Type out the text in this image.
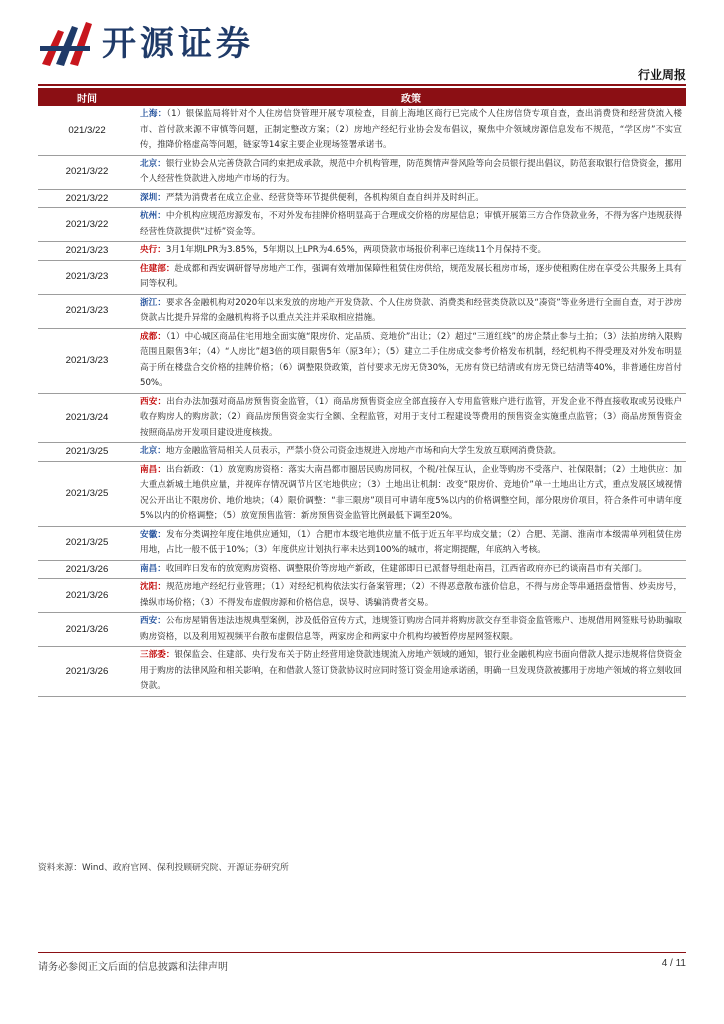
开源证券
行业周报
时间	政策
021/3/22	上海：（1）银保监局将针对个人住房信贷管理开展专项检查，目前上海地区商行已完成个人住房信贷专项自查，查出消费贷和经营贷流入楼市、首付款来源不审慎等问题，正制定整改方案；（2）房地产经纪行业协会发布倡议，聚焦中介领域房源信息发布不规范，“学区房”不实宣传，推降价格虚高等问题，链家等14家主要企业现场签署承诺书。
2021/3/22	北京：银行业协会从完善贷款合同约束把成承款，规范中介机构管理，防范舆情声誉风险等向会员银行提出倡议，防范套取银行信贷资金，挪用个人经营性贷款进入房地产市场的行为。
2021/3/22	深圳：严禁为消费者在成立企业、经营贷等环节提供便利，各机构须自查自纠并及时纠正。
2021/3/22	杭州：中介机构应规范房源发布，不对外发布挂牌价格明显高于合理成交价格的房屋信息；审慎开展第三方合作贷款业务，不得为客户违规获得经营性贷款提供“过桥”资金等。
2021/3/23	央行：3月1年期LPR为3.85%，5年期以上LPR为4.65%，两项贷款市场报价利率已连续11个月保持不变。
2021/3/23	住建部：赴成都和西安调研督导房地产工作，强调有效增加保障性租赁住房供给，规范发展长租房市场，逐步使租购住房在享受公共服务上具有同等权利。
2021/3/23	浙江：要求各金融机构对2020年以来发放的房地产开发贷款、个人住房贷款、消费类和经营类贷款以及“凑资”等业务进行全面自查，对于涉房贷款占比提升异常的金融机构将予以重点关注并采取相应措施。
2021/3/23	成都：（1）中心城区商品住宅用地全面实施“限房价、定品质、竞地价”出让；（2）超过“三道红线”的房企禁止参与土拍；（3）法拍房纳入限购范围且限售3年；（4）“人房比”超3倍的项目限售5年（原3年）；（5）建立二手住房成交参考价格发布机制，经纪机构不得受理及对外发布明显高于所在楼盘合交价格的挂牌价格；（6）调整限贷政策，首付要求无房无贷30%，无房有贷已结清或有房无贷已结清等40%，非普通住房首付50%。
2021/3/24	西安：出台办法加强对商品房预售资金监管，（1）商品房预售资金应全部直接存入专用监管账户进行监管，开发企业不得直接收取或另设账户收存购房人的购房款；（2）商品房预售资金实行全额、全程监管，对用于支付工程建设等费用的预售资金实施重点监管；（3）商品房预售资金按照商品房开发项目建设进度核拨。
2021/3/25	北京：地方金融监管局相关人员表示，严禁小贷公司资金违规进入房地产市场和向大学生发放互联网消费贷款。
2021/3/25	南昌：出台新政：（1）放宽购房资格：落实大南昌都市圈居民购房同权，个税/社保互认，企业等购房不受落户、社保限制；（2）土地供应：加大重点新城土地供应量，并视库存情况调节片区宅地供应；（3）土地出让机制：改变“限房价、竞地价”单一土地出让方式，重点发展区域视情况公开出让不限房价、地价地块；（4）限价调整：“非三限房”项目可申请年度5%以内的价格调整空间，部分限房价项目，符合条件可申请年度5%以内的价格调整；（5）放宽预售监管：新房预售资金监管比例最低下调至20%。
2021/3/25	安徽：发布分类调控年度住地供应通知，（1）合肥市本级宅地供应量不低于近五年平均成交量；（2）合肥、芜湖、淮南市本级需单列租赁住房用地，占比一般不低于10%；（3）年度供应计划执行率未达到100%的城市，将定期提醒，年底纳入考核。
2021/3/26	南昌：收回昨日发布的放宽购房资格、调整限价等房地产新政，住建部即日已派督导组赴南昌，江西省政府亦已约谈南昌市有关部门。
2021/3/26	沈阳：规范房地产经纪行业管理；（1）对经纪机构依法实行备案管理；（2）不得恶意散布涨价信息，不得与房企等串通捂盘惜售、炒卖房号，操纵市场价格；（3）不得发布虚假房源和价格信息，误导、诱骗消费者交易。
2021/3/26	西安：公布房屋销售违法违规典型案例，涉及低俗宣传方式，违规签订购房合同并将购房款交存至非资金监管账户、违规借用网签账号协助骗取购房资格，以及利用短视频平台散布虚假信息等，两家房企和两家中介机构均被暂停房屋网签权限。
2021/3/26	三部委：银保监会、住建部、央行发布关于防止经营用途贷款违规流入房地产领域的通知，银行业金融机构应书面向借款人提示违规将信贷资金用于购房的法律风险和相关影响，在和借款人签订贷款协议时应同时签订资金用途承诺函，明确一旦发现贷款被挪用于房地产领域的将立刻收回贷款。
资料来源：Wind、政府官网、保利投顾研究院、开源证券研究所
请务必参阅正文后面的信息披露和法律声明	4 / 11
